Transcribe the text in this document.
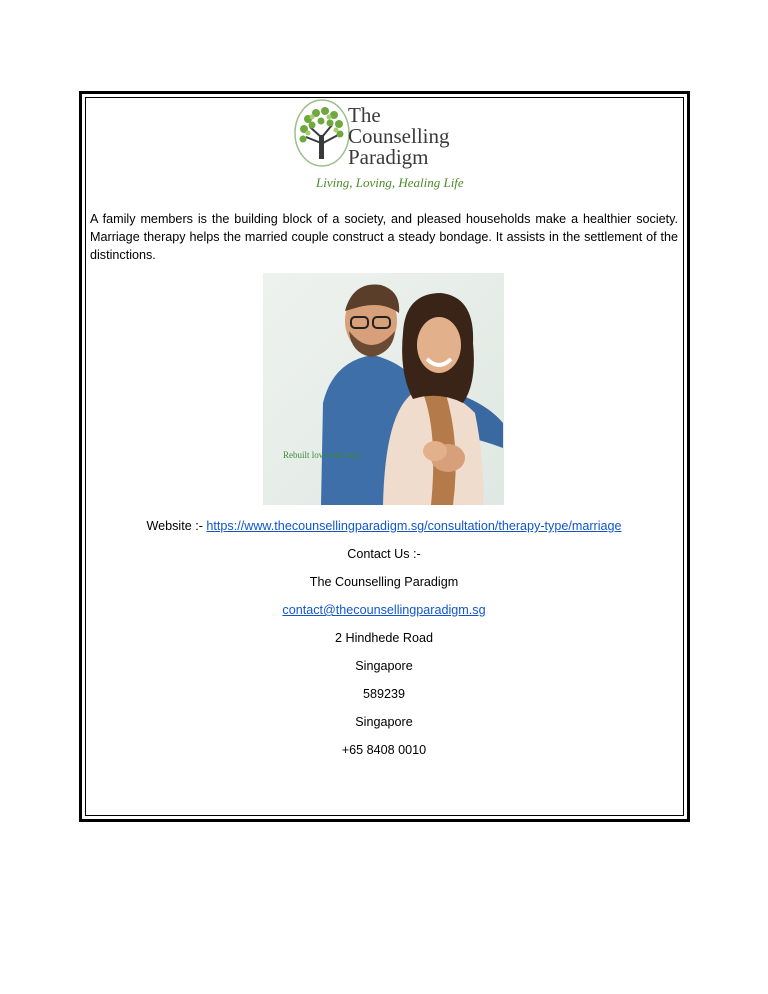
The
Counselling
Paradigm
Living, Loving, Healing Life

A family members is the building block of a society, and pleased households make a healthier society. Marriage therapy helps the married couple construct a steady bondage. It assists in the settlement of the distinctions.

Rebuilt love and trust
Website :- https://www.thecounsellingparadigm.sg/consultation/therapy-type/marriage
Contact Us :-
The Counselling Paradigm
contact@thecounsellingparadigm.sg
2 Hindhede Road
Singapore
589239
Singapore
+65 8408 0010
